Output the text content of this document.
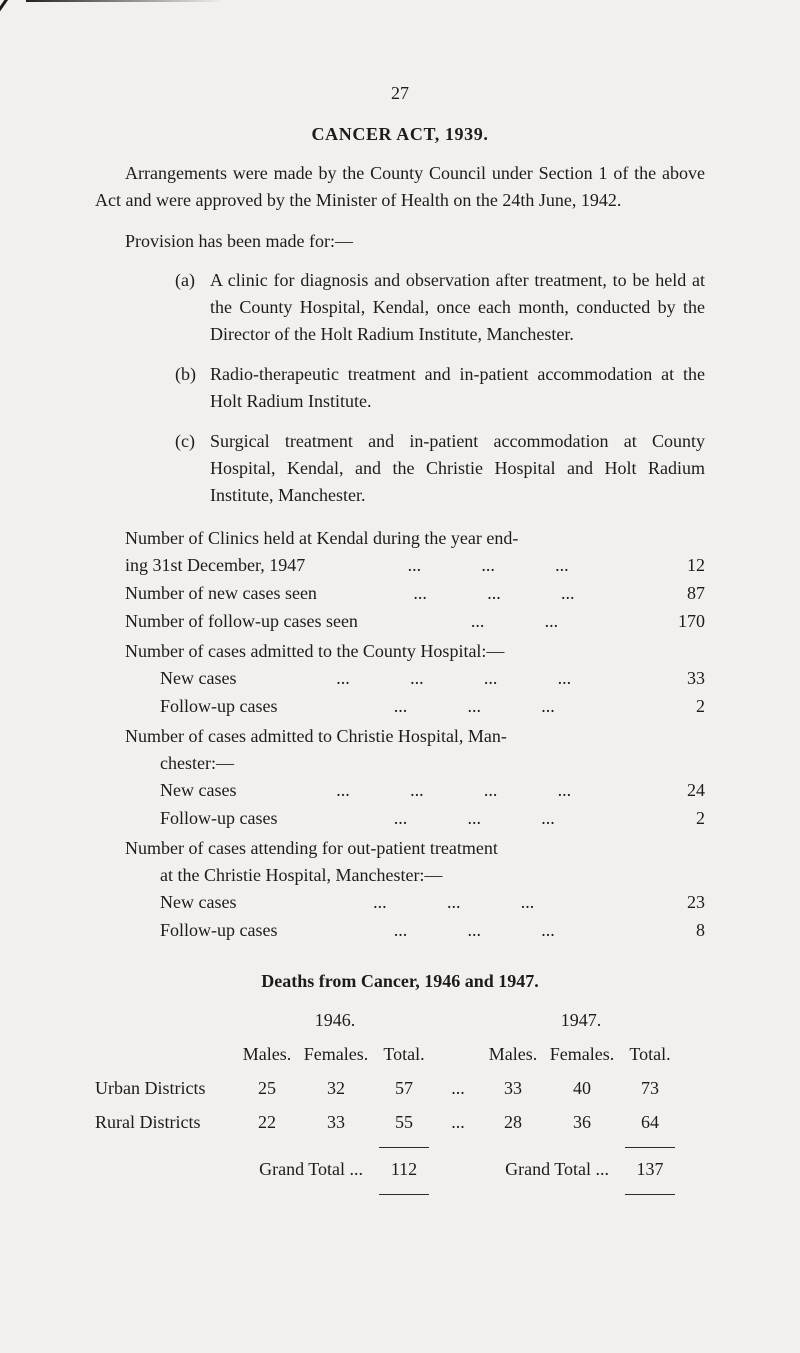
27
CANCER ACT, 1939.

Arrangements were made by the County Council under Section 1 of the above Act and were approved by the Minister of Health on the 24th June, 1942.

Provision has been made for:—

(a) A clinic for diagnosis and observation after treatment, to be held at the County Hospital, Kendal, once each month, conducted by the Director of the Holt Radium Institute, Manchester.
(b) Radio-therapeutic treatment and in-patient accommodation at the Holt Radium Institute.
(c) Surgical treatment and in-patient accommodation at County Hospital, Kendal, and the Christie Hospital and Holt Radium Institute, Manchester.
Number of Clinics held at Kendal during the year end-
ing 31st December, 1947	... ... ...	12
Number of new cases seen	... ... ...	87
Number of follow-up cases seen	... ...	170
Number of cases admitted to the County Hospital:—
New cases	... ... ... ...	33
Follow-up cases	... ... ...	2
Number of cases admitted to Christie Hospital, Man-
chester:—
New cases	... ... ... ...	24
Follow-up cases	... ... ...	2
Number of cases attending for out-patient treatment
at the Christie Hospital, Manchester:—
New cases	... ... ...	23
Follow-up cases	... ... ...	8
Deaths from Cancer, 1946 and 1947.
1946.	1947.
Males. Females. Total.	Males. Females. Total.
Urban Districts	25	32	57	...	33	40	73
Rural Districts	22	33	55	...	28	36	64
Grand Total ...	112	Grand Total ...	137
